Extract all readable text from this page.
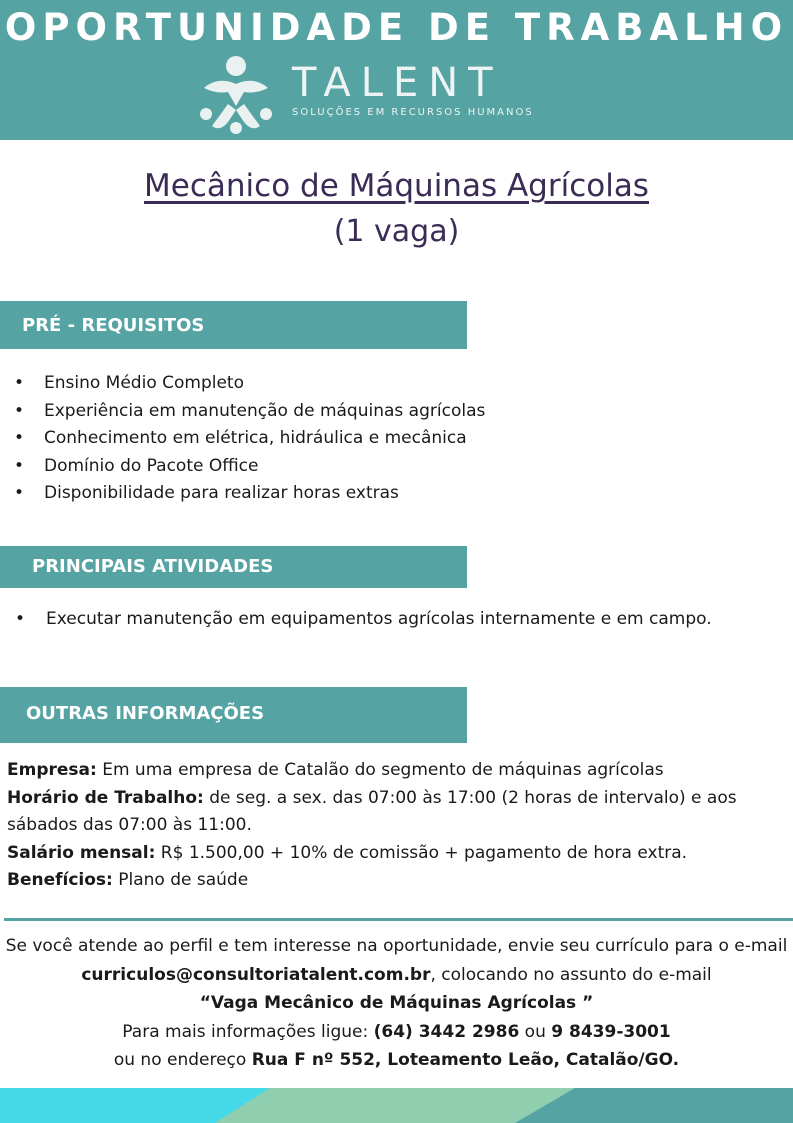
OPORTUNIDADE DE TRABALHO
TALENT
SOLUÇÕES EM RECURSOS HUMANOS
Mecânico de Máquinas Agrícolas
(1 vaga)
PRÉ - REQUISITOS
• Ensino Médio Completo
• Experiência em manutenção de máquinas agrícolas
• Conhecimento em elétrica, hidráulica e mecânica
• Domínio do Pacote Office
• Disponibilidade para realizar horas extras
PRINCIPAIS ATIVIDADES
• Executar manutenção em equipamentos agrícolas internamente e em campo.
OUTRAS INFORMAÇÕES
Empresa: Em uma empresa de Catalão do segmento de máquinas agrícolas
Horário de Trabalho: de seg. a sex. das 07:00 às 17:00 (2 horas de intervalo) e aos sábados das 07:00 às 11:00.
Salário mensal: R$ 1.500,00 + 10% de comissão + pagamento de hora extra.
Benefícios: Plano de saúde

Se você atende ao perfil e tem interesse na oportunidade, envie seu currículo para o e-mail curriculos@consultoriatalent.com.br, colocando no assunto do e-mail

“Vaga Mecânico de Máquinas Agrícolas ”

Para mais informações ligue: (64) 3442 2986 ou 9 8439-3001

ou no endereço Rua F nº 552, Loteamento Leão, Catalão/GO.
